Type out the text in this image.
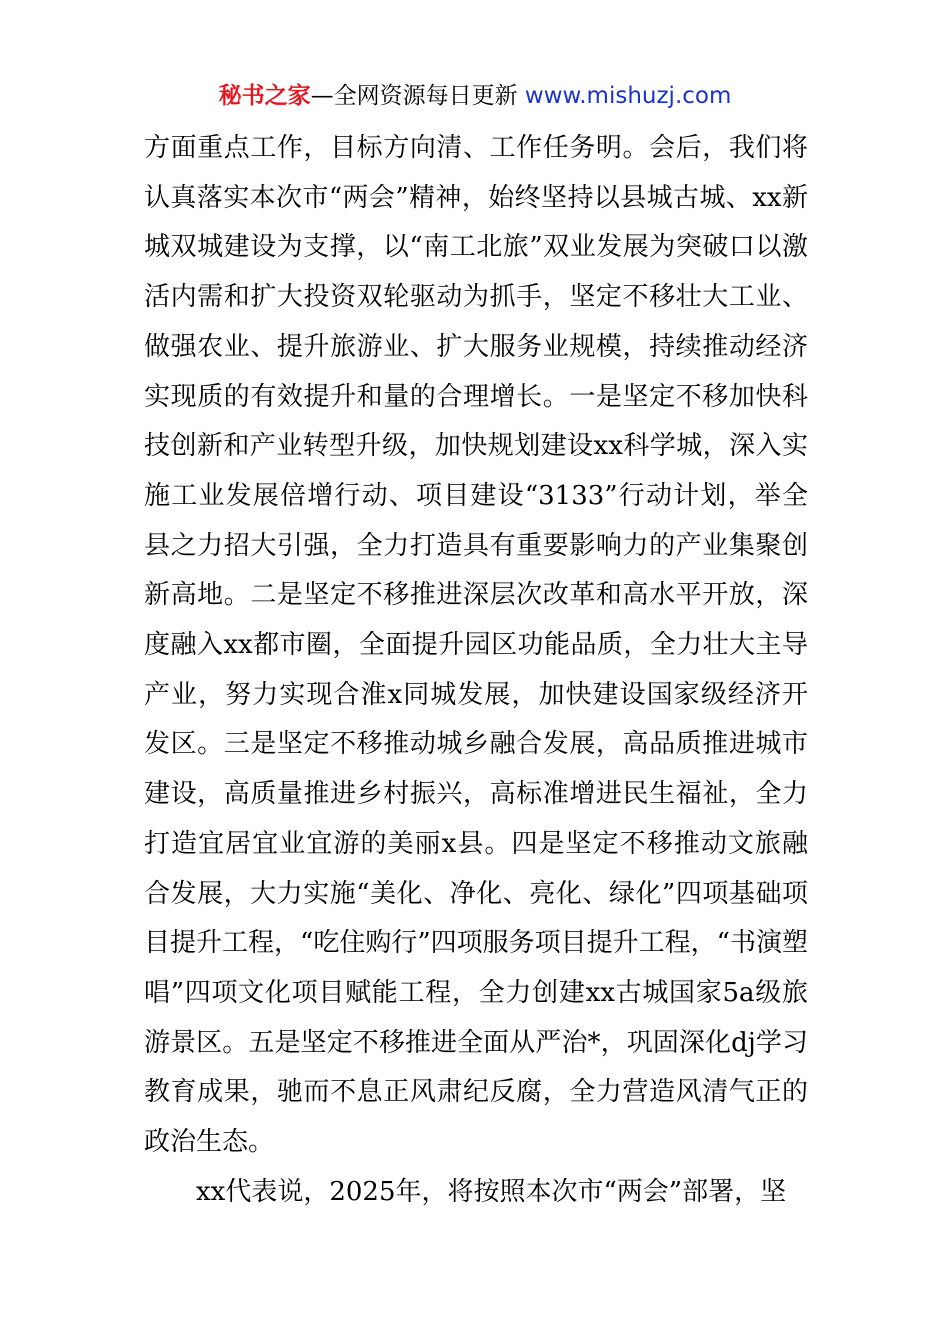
秘书之家—全网资源每日更新 www.mishuzj.com

方面重点工作，目标方向清、工作任务明。会后，我们将认真落实本次市“两会”精神，始终坚持以县城古城、xx新城双城建设为支撑，以“南工北旅”双业发展为突破口以激活内需和扩大投资双轮驱动为抓手，坚定不移壮大工业、做强农业、提升旅游业、扩大服务业规模，持续推动经济实现质的有效提升和量的合理增长。一是坚定不移加快科技创新和产业转型升级，加快规划建设xx科学城，深入实施工业发展倍增行动、项目建设“3133”行动计划，举全县之力招大引强，全力打造具有重要影响力的产业集聚创新高地。二是坚定不移推进深层次改革和高水平开放，深度融入xx都市圈，全面提升园区功能品质，全力壮大主导产业，努力实现合淮x同城发展，加快建设国家级经济开发区。三是坚定不移推动城乡融合发展，高品质推进城市建设，高质量推进乡村振兴，高标准增进民生福祉，全力打造宜居宜业宜游的美丽x县。四是坚定不移推动文旅融合发展，大力实施“美化、净化、亮化、绿化”四项基础项目提升工程，“吃住购行”四项服务项目提升工程，“书演塑唱”四项文化项目赋能工程，全力创建xx古城国家5a级旅游景区。五是坚定不移推进全面从严治*，巩固深化dj学习教育成果，驰而不息正风肃纪反腐，全力营造风清气正的政治生态。

xx代表说，2025年，将按照本次市“两会”部署，坚
